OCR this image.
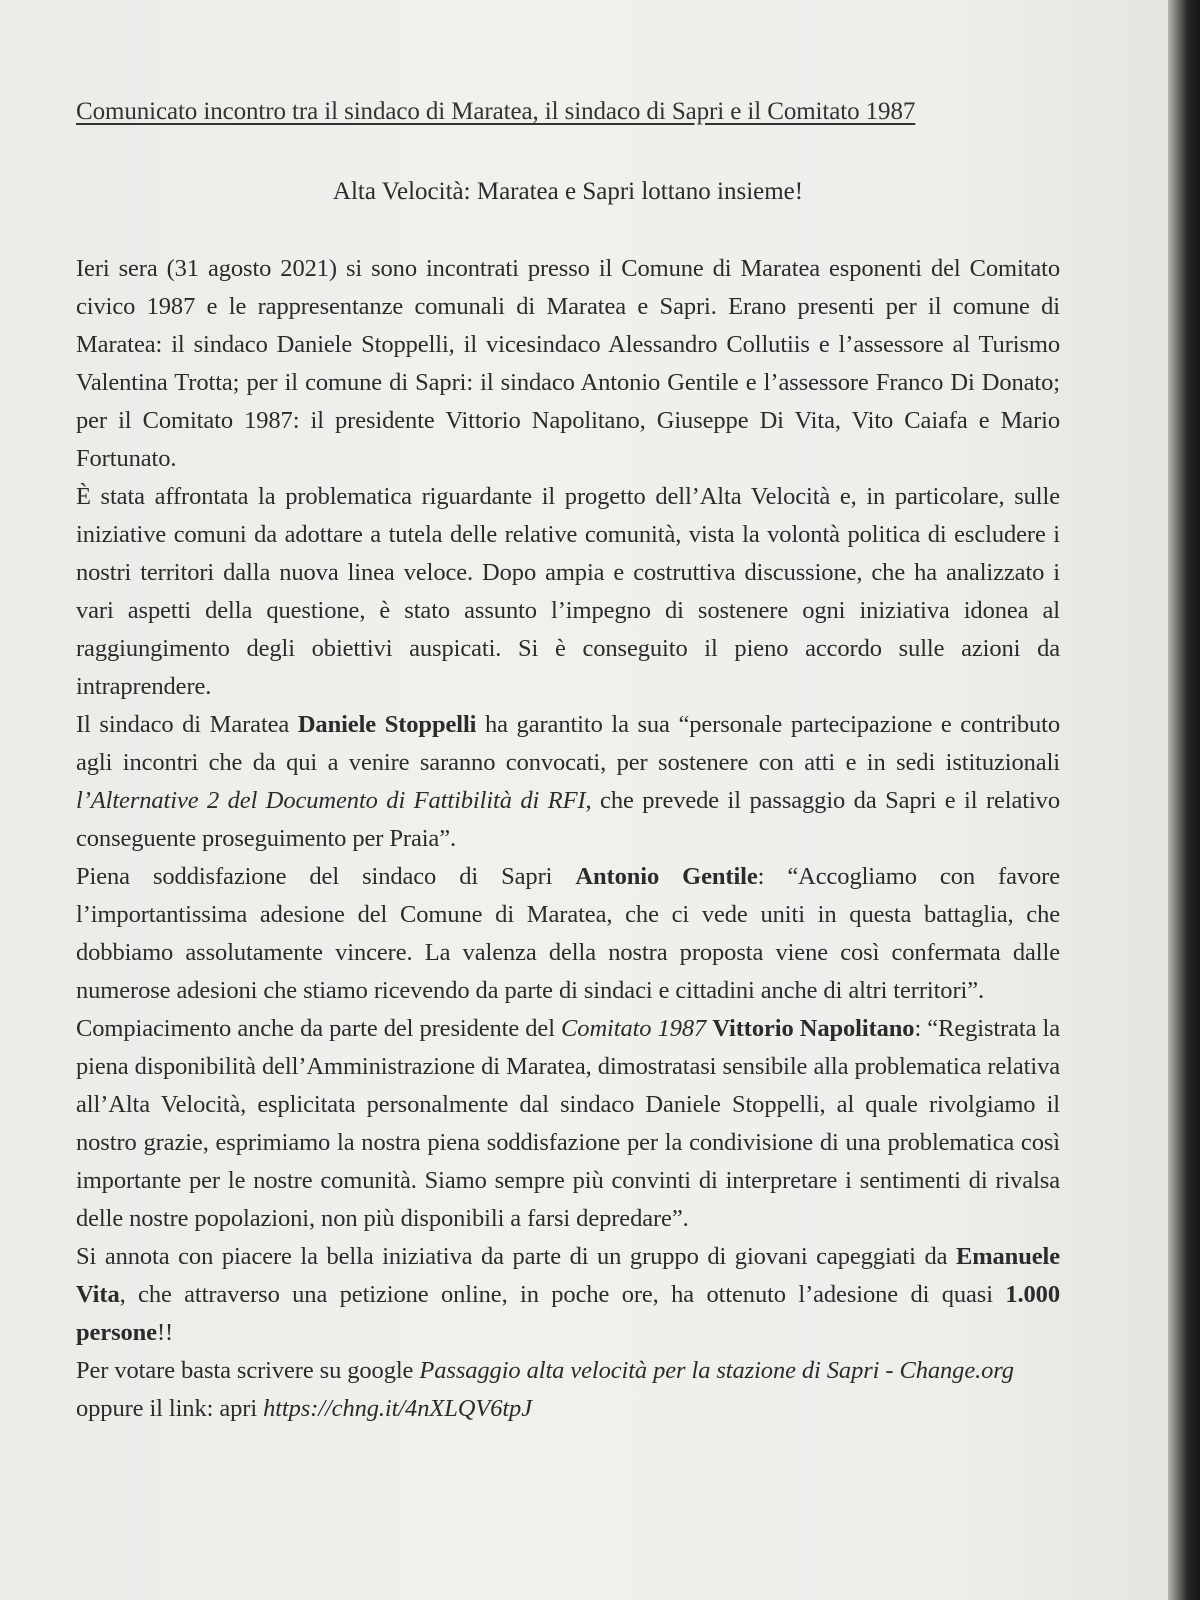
Comunicato incontro tra il sindaco di Maratea, il sindaco di Sapri e il Comitato 1987

Alta Velocità: Maratea e Sapri lottano insieme!

Ieri sera (31 agosto 2021) si sono incontrati presso il Comune di Maratea esponenti del Comitato civico 1987 e le rappresentanze comunali di Maratea e Sapri. Erano presenti per il comune di Maratea: il sindaco Daniele Stoppelli, il vicesindaco Alessandro Collutiis e l’assessore al Turismo Valentina Trotta; per il comune di Sapri: il sindaco Antonio Gentile e l’assessore Franco Di Donato; per il Comitato 1987: il presidente Vittorio Napolitano, Giuseppe Di Vita, Vito Caiafa e Mario Fortunato.

È stata affrontata la problematica riguardante il progetto dell’Alta Velocità e, in particolare, sulle iniziative comuni da adottare a tutela delle relative comunità, vista la volontà politica di escludere i nostri territori dalla nuova linea veloce. Dopo ampia e costruttiva discussione, che ha analizzato i vari aspetti della questione, è stato assunto l’impegno di sostenere ogni iniziativa idonea al raggiungimento degli obiettivi auspicati. Si è conseguito il pieno accordo sulle azioni da intraprendere.

Il sindaco di Maratea Daniele Stoppelli ha garantito la sua “personale partecipazione e contributo agli incontri che da qui a venire saranno convocati, per sostenere con atti e in sedi istituzionali l’Alternative 2 del Documento di Fattibilità di RFI, che prevede il passaggio da Sapri e il relativo conseguente proseguimento per Praia”.

Piena soddisfazione del sindaco di Sapri Antonio Gentile: “Accogliamo con favore l’importantissima adesione del Comune di Maratea, che ci vede uniti in questa battaglia, che dobbiamo assolutamente vincere. La valenza della nostra proposta viene così confermata dalle numerose adesioni che stiamo ricevendo da parte di sindaci e cittadini anche di altri territori”.

Compiacimento anche da parte del presidente del Comitato 1987 Vittorio Napolitano: “Registrata la piena disponibilità dell’Amministrazione di Maratea, dimostratasi sensibile alla problematica relativa all’Alta Velocità, esplicitata personalmente dal sindaco Daniele Stoppelli, al quale rivolgiamo il nostro grazie, esprimiamo la nostra piena soddisfazione per la condivisione di una problematica così importante per le nostre comunità. Siamo sempre più convinti di interpretare i sentimenti di rivalsa delle nostre popolazioni, non più disponibili a farsi depredare”.

Si annota con piacere la bella iniziativa da parte di un gruppo di giovani capeggiati da Emanuele Vita, che attraverso una petizione online, in poche ore, ha ottenuto l’adesione di quasi 1.000 persone!!

Per votare basta scrivere su google Passaggio alta velocità per la stazione di Sapri - Change.org oppure il link: apri https://chng.it/4nXLQV6tpJ
